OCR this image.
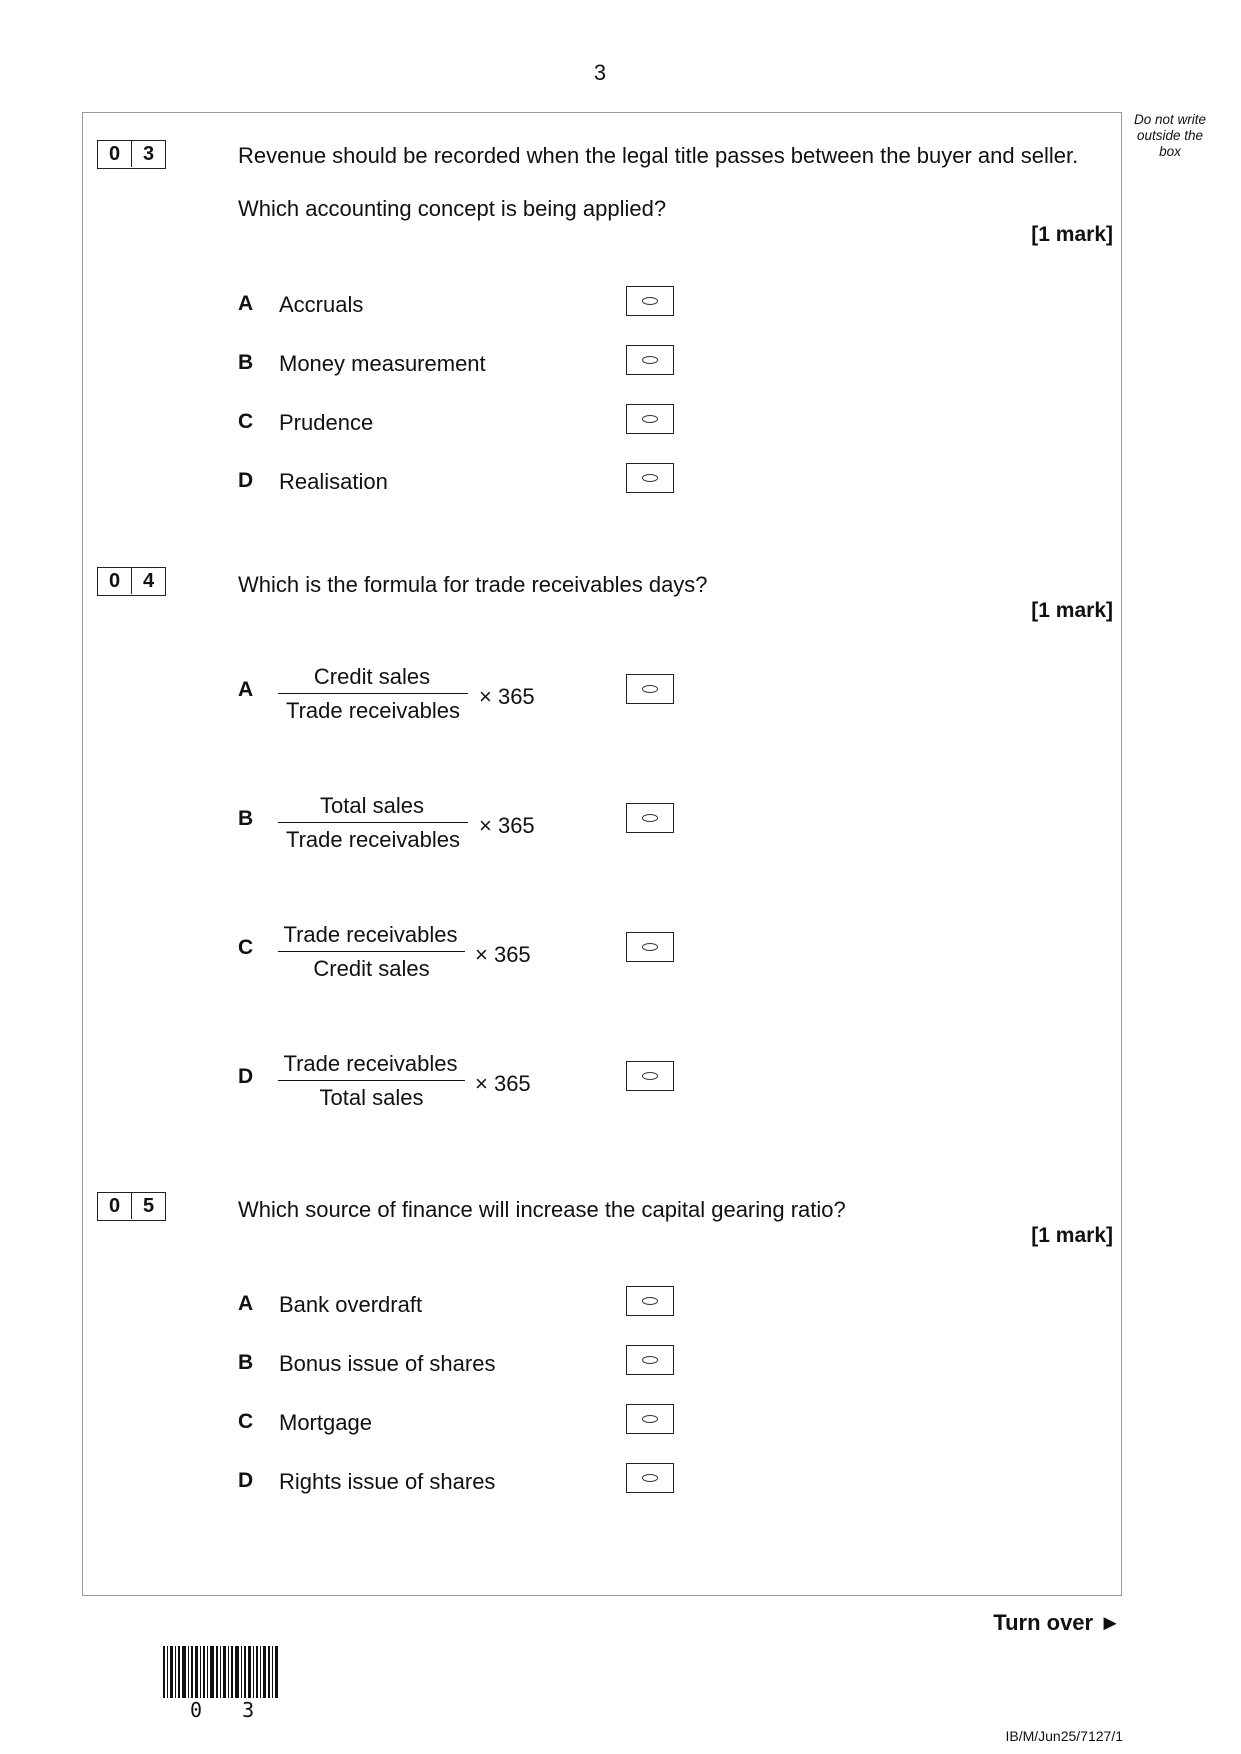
3
Do not write outside the box
0	3	Revenue should be recorded when the legal title passes between the buyer and seller.
Which accounting concept is being applied?
[1 mark]
A Accruals
B Money measurement
C Prudence
D Realisation
0	4	Which is the formula for trade receivables days?
[1 mark]
A
Credit sales
Trade receivables
× 365
B
Total sales
Trade receivables
× 365
C
Trade receivables
Credit sales
× 365
D
Trade receivables
Total sales
× 365
0	5	Which source of finance will increase the capital gearing ratio?
[1 mark]
A Bank overdraft
B Bonus issue of shares
C Mortgage
D Rights issue of shares
Turn over ►
0 3
IB/M/Jun25/7127/1
